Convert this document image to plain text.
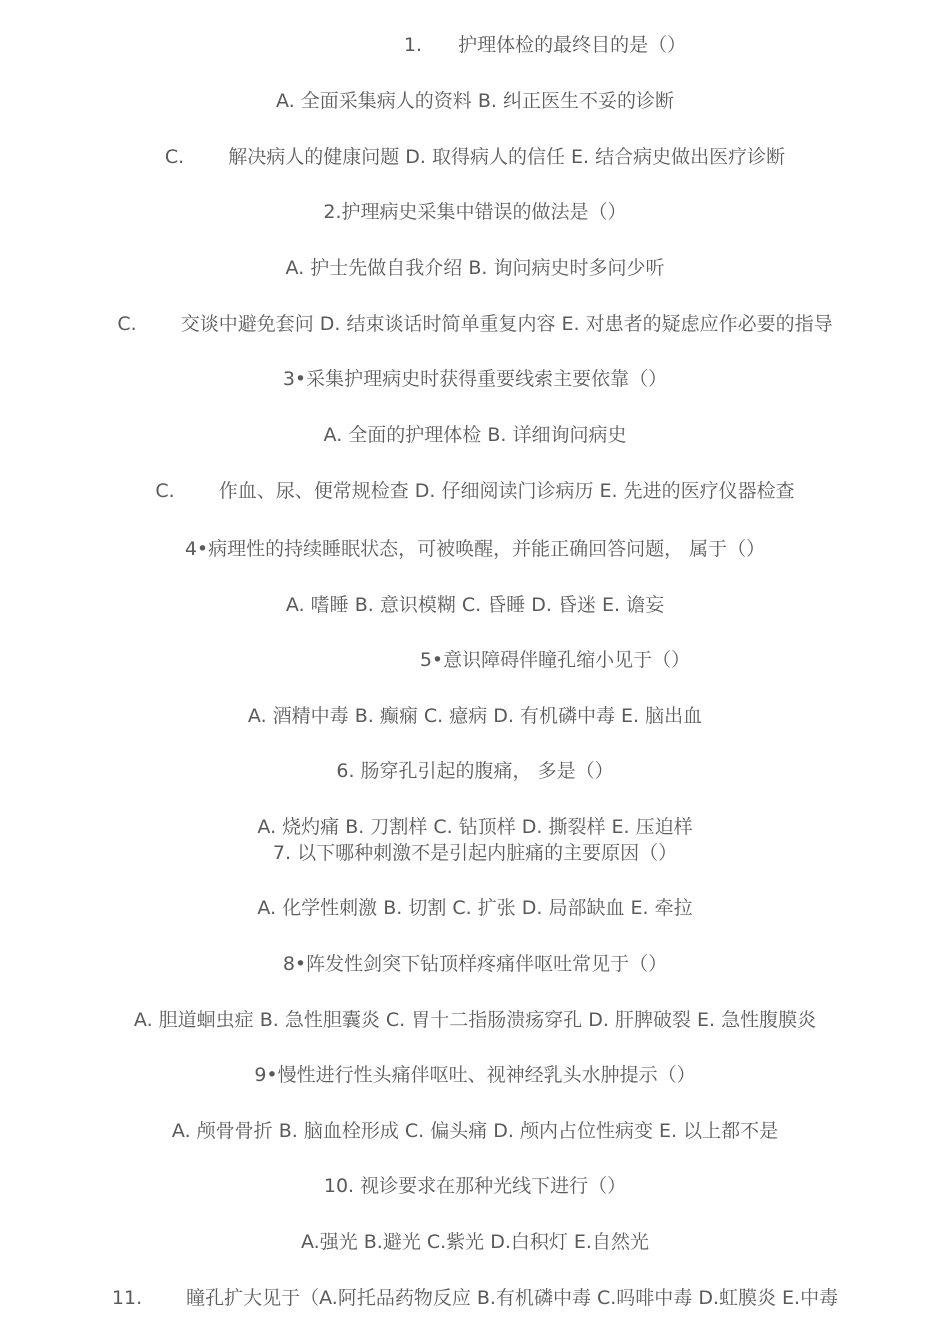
1. 护理体检的最终目的是（）
A. 全面采集病人的资料 B. 纠正医生不妥的诊断
C. 解决病人的健康问题 D. 取得病人的信任 E. 结合病史做出医疗诊断
2.护理病史采集中错误的做法是（）
A. 护士先做自我介绍 B. 询问病史时多问少听
C. 交谈中避免套问 D. 结束谈话时简单重复内容 E. 对患者的疑虑应作必要的指导
3•采集护理病史时获得重要线索主要依靠（）
A. 全面的护理体检 B. 详细询问病史
C. 作血、尿、便常规检查 D. 仔细阅读门诊病历 E. 先进的医疗仪器检查
4•病理性的持续睡眠状态，可被唤醒，并能正确回答问题， 属于（）
A. 嗜睡 B. 意识模糊 C. 昏睡 D. 昏迷 E. 谵妄
5•意识障碍伴瞳孔缩小见于（）
A. 酒精中毒 B. 癫痫 C. 癔病 D. 有机磷中毒 E. 脑出血
6. 肠穿孔引起的腹痛， 多是（）
A. 烧灼痛 B. 刀割样 C. 钻顶样 D. 撕裂样 E. 压迫样
7. 以下哪种刺激不是引起内脏痛的主要原因（）
A. 化学性刺激 B. 切割 C. 扩张 D. 局部缺血 E. 牵拉
8•阵发性剑突下钻顶样疼痛伴呕吐常见于（）
A. 胆道蛔虫症 B. 急性胆囊炎 C. 胃十二指肠溃疡穿孔 D. 肝脾破裂 E. 急性腹膜炎
9•慢性进行性头痛伴呕吐、视神经乳头水肿提示（）
A. 颅骨骨折 B. 脑血栓形成 C. 偏头痛 D. 颅内占位性病变 E. 以上都不是
10. 视诊要求在那种光线下进行（）
A.强光 B.避光 C.紫光 D.白积灯 E.自然光
11. 瞳孔扩大见于（A.阿托品药物反应 B.有机磷中毒 C.吗啡中毒 D.虹膜炎 E.中毒
